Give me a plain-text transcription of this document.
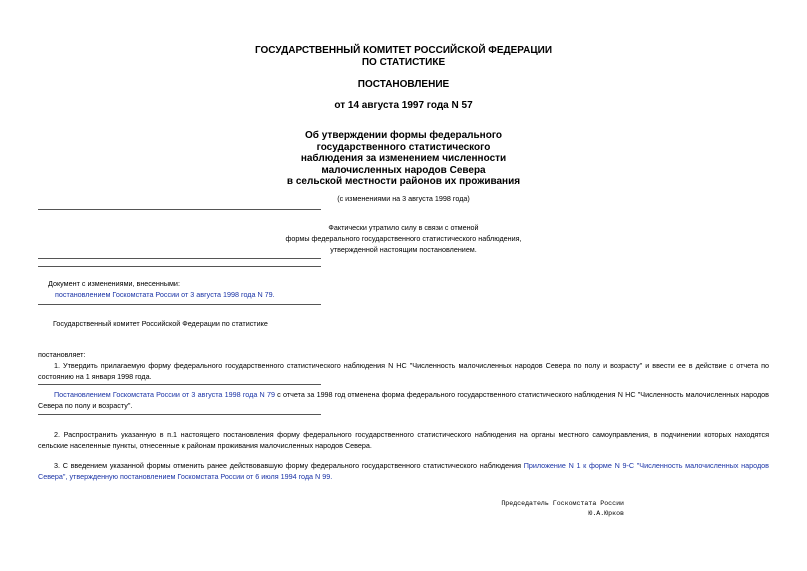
ГОСУДАРСТВЕННЫЙ КОМИТЕТ РОССИЙСКОЙ ФЕДЕРАЦИИ
ПО СТАТИСТИКЕ
ПОСТАНОВЛЕНИЕ
от 14 августа 1997 года N 57
Об утверждении формы федерального
государственного статистического
наблюдения за изменением численности
малочисленных народов Севера
в сельской местности районов их проживания
(с изменениями на 3 августа 1998 года)
Фактически утратило силу в связи с отменой
формы федерального государственного статистического наблюдения,
утвержденной настоящим постановлением.
Документ с изменениями, внесенными:
постановлением Госкомстата России от 3 августа 1998 года N 79.
Государственный комитет Российской Федерации по статистике
постановляет:
1. Утвердить прилагаемую форму федерального государственного статистического наблюдения N НС "Численность малочисленных народов Севера по полу и возрасту" и ввести ее в действие с отчета по состоянию на 1 января 1998 года.
Постановлением Госкомстата России от 3 августа 1998 года N 79 с отчета за 1998 год отменена форма федерального государственного статистического наблюдения N НС "Численность малочисленных народов Севера по полу и возрасту".
2. Распространить указанную в п.1 настоящего постановления форму федерального государственного статистического наблюдения на органы местного самоуправления, в подчинении которых находятся сельские населенные пункты, отнесенные к районам проживания малочисленных народов Севера.
3. С введением указанной формы отменить ранее действовавшую форму федерального государственного статистического наблюдения Приложение N 1 к форме N 9-С "Численность малочисленных народов Севера", утвержденную постановлением Госкомстата России от 6 июля 1994 года N 99.
Председатель Госкомстата России
Ю.А.Юрков
